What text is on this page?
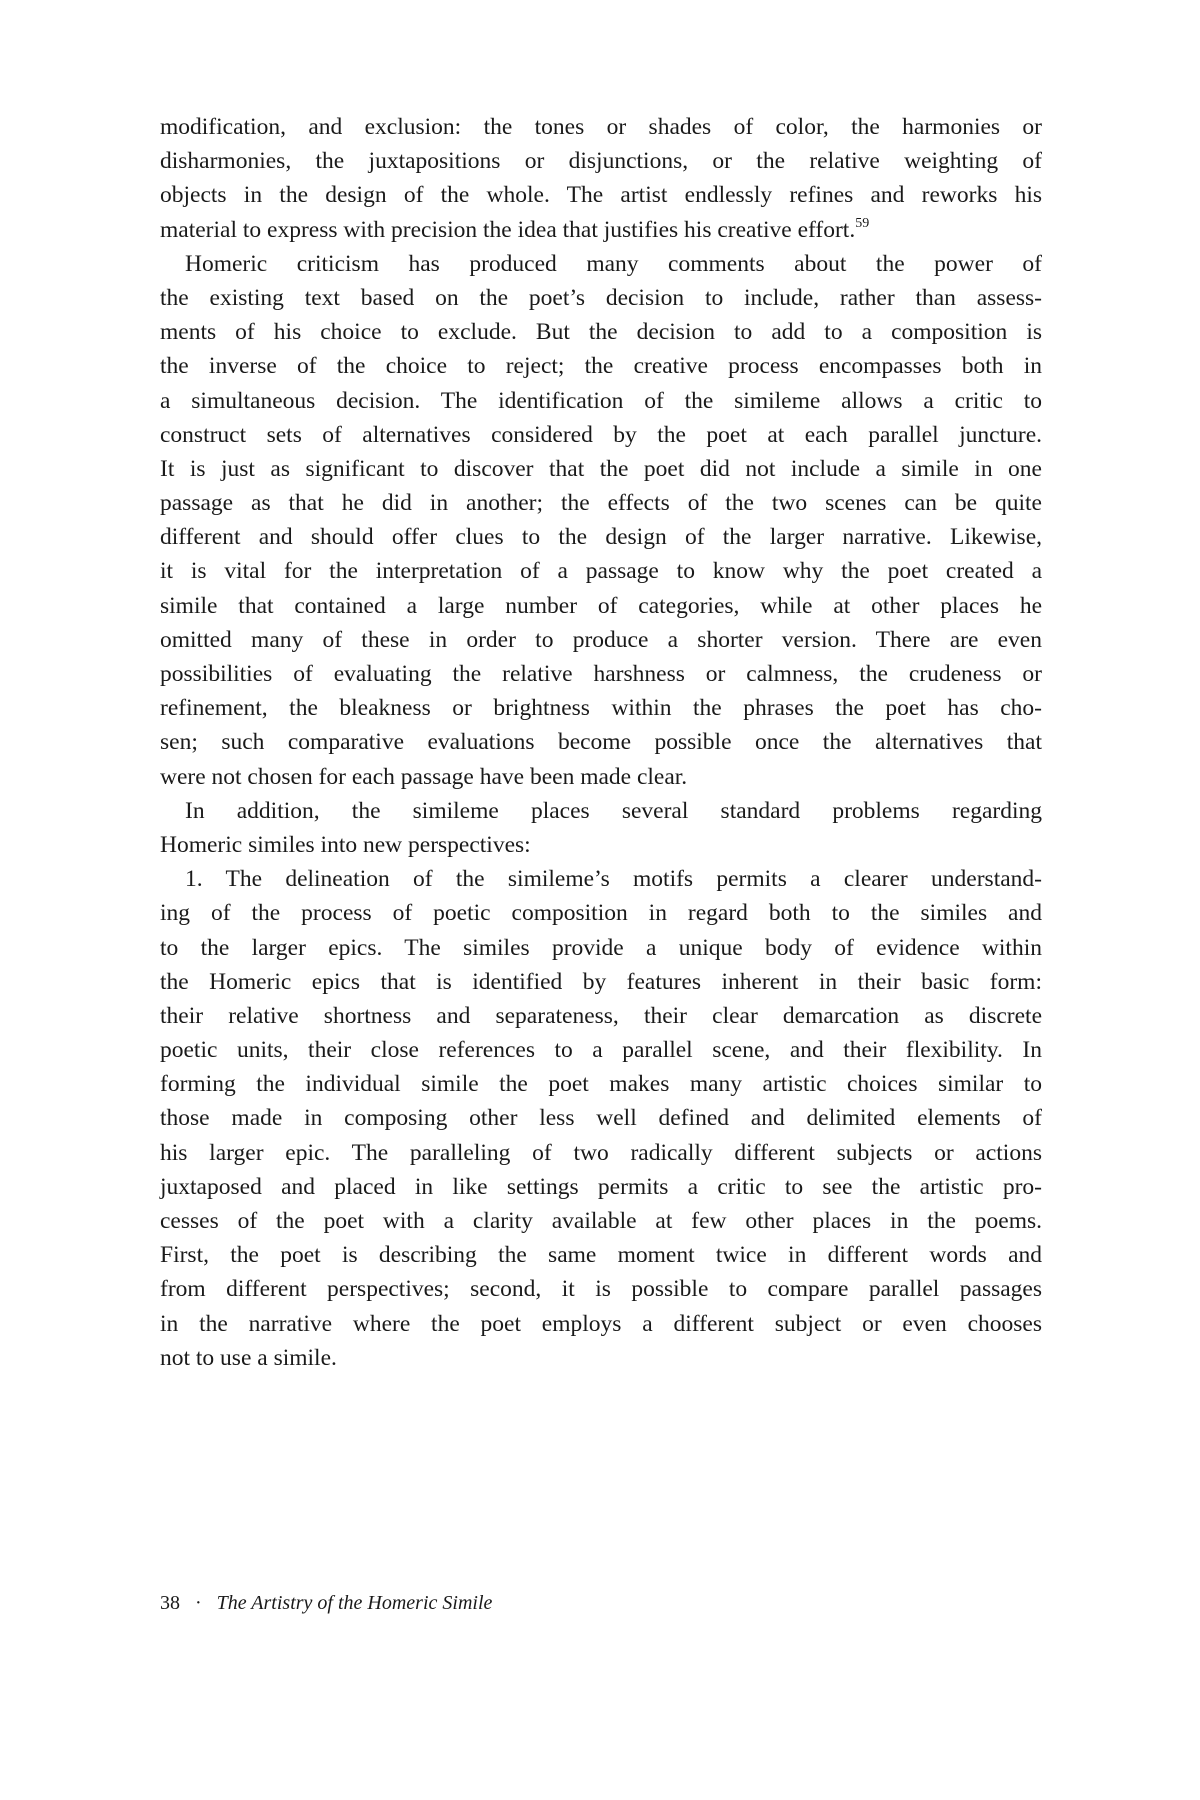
modification, and exclusion: the tones or shades of color, the harmonies or
disharmonies, the juxtapositions or disjunctions, or the relative weighting of
objects in the design of the whole. The artist endlessly refines and reworks his
material to express with precision the idea that justifies his creative effort.$^{59}$
Homeric criticism has produced many comments about the power of
the existing text based on the poet’s decision to include, rather than assess-
ments of his choice to exclude. But the decision to add to a composition is
the inverse of the choice to reject; the creative process encompasses both in
a simultaneous decision. The identification of the simileme allows a critic to
construct sets of alternatives considered by the poet at each parallel juncture.
It is just as significant to discover that the poet did not include a simile in one
passage as that he did in another; the effects of the two scenes can be quite
different and should offer clues to the design of the larger narrative. Likewise,
it is vital for the interpretation of a passage to know why the poet created a
simile that contained a large number of categories, while at other places he
omitted many of these in order to produce a shorter version. There are even
possibilities of evaluating the relative harshness or calmness, the crudeness or
refinement, the bleakness or brightness within the phrases the poet has cho-
sen; such comparative evaluations become possible once the alternatives that
were not chosen for each passage have been made clear.
In addition, the simileme places several standard problems regarding
Homeric similes into new perspectives:
1. The delineation of the simileme’s motifs permits a clearer understand-
ing of the process of poetic composition in regard both to the similes and
to the larger epics. The similes provide a unique body of evidence within
the Homeric epics that is identified by features inherent in their basic form:
their relative shortness and separateness, their clear demarcation as discrete
poetic units, their close references to a parallel scene, and their flexibility. In
forming the individual simile the poet makes many artistic choices similar to
those made in composing other less well defined and delimited elements of
his larger epic. The paralleling of two radically different subjects or actions
juxtaposed and placed in like settings permits a critic to see the artistic pro-
cesses of the poet with a clarity available at few other places in the poems.
First, the poet is describing the same moment twice in different words and
from different perspectives; second, it is possible to compare parallel passages
in the narrative where the poet employs a different subject or even chooses
not to use a simile.
38 · The Artistry of the Homeric Simile
